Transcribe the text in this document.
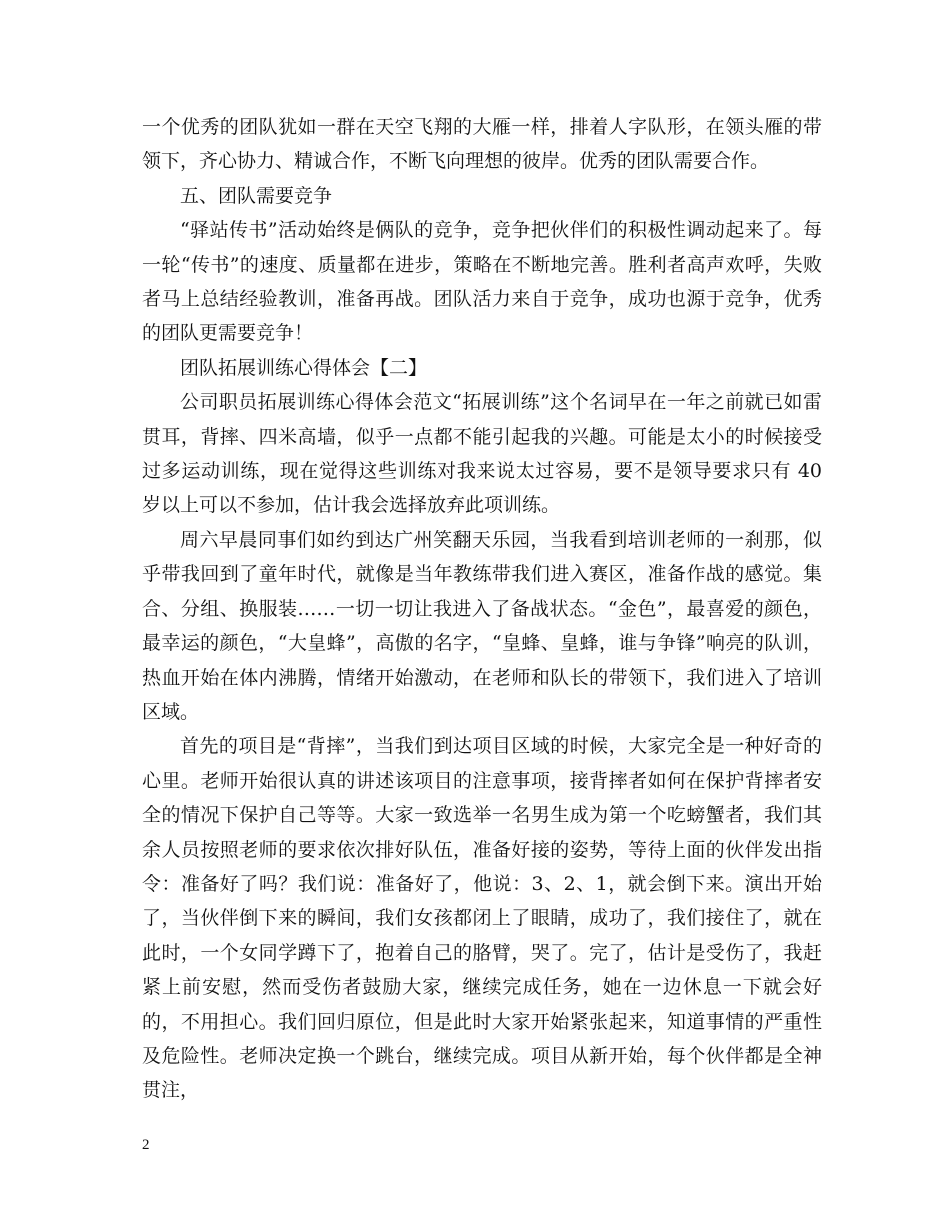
一个优秀的团队犹如一群在天空飞翔的大雁一样，排着人字队形，在领头雁的带领下，齐心协力、精诚合作，不断飞向理想的彼岸。优秀的团队需要合作。

五、团队需要竞争

“驿站传书”活动始终是俩队的竞争，竞争把伙伴们的积极性调动起来了。每一轮“传书”的速度、质量都在进步，策略在不断地完善。胜利者高声欢呼，失败者马上总结经验教训，准备再战。团队活力来自于竞争，成功也源于竞争，优秀的团队更需要竞争！

团队拓展训练心得体会【二】

公司职员拓展训练心得体会范文“拓展训练”这个名词早在一年之前就已如雷贯耳，背摔、四米高墙，似乎一点都不能引起我的兴趣。可能是太小的时候接受过多运动训练，现在觉得这些训练对我来说太过容易，要不是领导要求只有 40 岁以上可以不参加，估计我会选择放弃此项训练。

周六早晨同事们如约到达广州笑翻天乐园，当我看到培训老师的一刹那，似乎带我回到了童年时代，就像是当年教练带我们进入赛区，准备作战的感觉。集合、分组、换服装……一切一切让我进入了备战状态。“金色”，最喜爱的颜色，最幸运的颜色，“大皇蜂”，高傲的名字，“皇蜂、皇蜂，谁与争锋”响亮的队训，热血开始在体内沸腾，情绪开始激动，在老师和队长的带领下，我们进入了培训区域。

首先的项目是“背摔”，当我们到达项目区域的时候，大家完全是一种好奇的心里。老师开始很认真的讲述该项目的注意事项，接背摔者如何在保护背摔者安全的情况下保护自己等等。大家一致选举一名男生成为第一个吃螃蟹者，我们其余人员按照老师的要求依次排好队伍，准备好接的姿势，等待上面的伙伴发出指令：准备好了吗？我们说：准备好了，他说：3、2、1，就会倒下来。演出开始了，当伙伴倒下来的瞬间，我们女孩都闭上了眼睛，成功了，我们接住了，就在此时，一个女同学蹲下了，抱着自己的胳臂，哭了。完了，估计是受伤了，我赶紧上前安慰，然而受伤者鼓励大家，继续完成任务，她在一边休息一下就会好的，不用担心。我们回归原位，但是此时大家开始紧张起来，知道事情的严重性及危险性。老师决定换一个跳台，继续完成。项目从新开始，每个伙伴都是全神贯注，

2
